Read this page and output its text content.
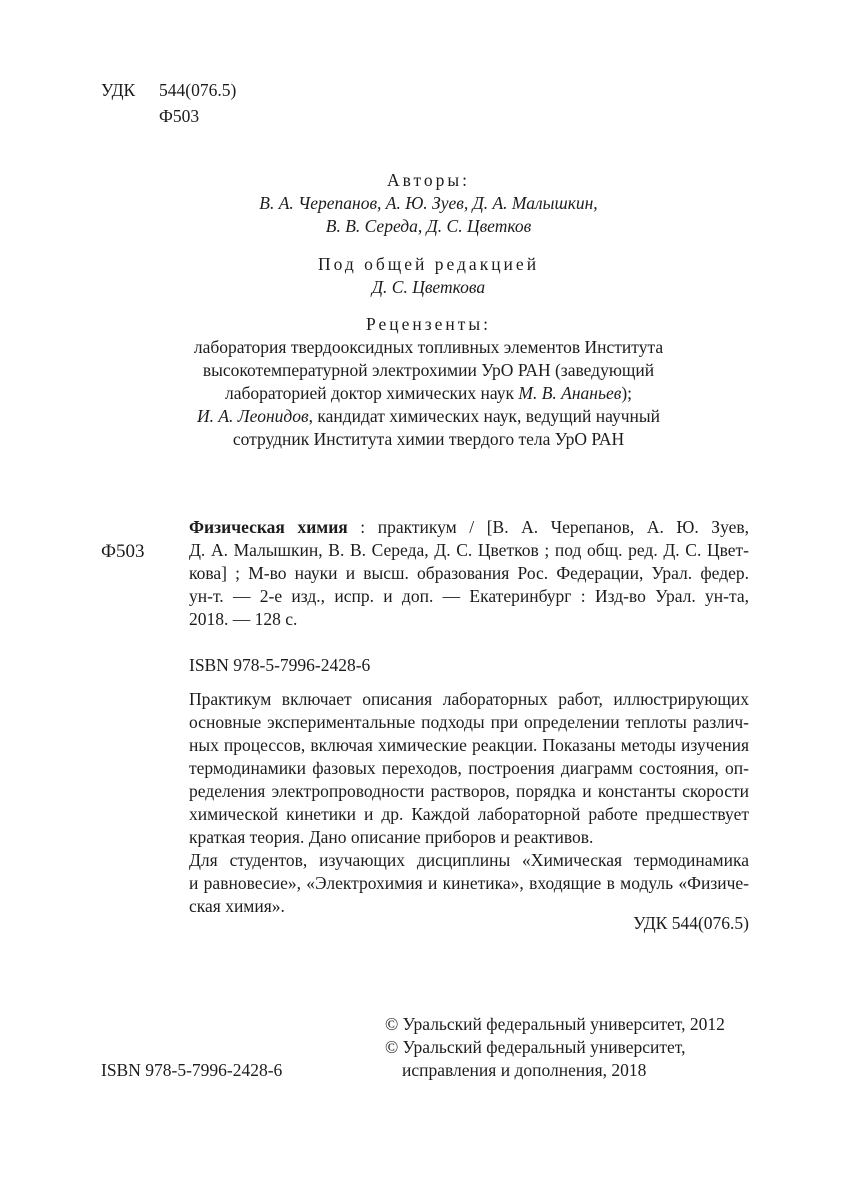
УДК 544(076.5)
Ф503
Авторы:
В. А. Черепанов, А. Ю. Зуев, Д. А. Малышкин,
В. В. Середа, Д. С. Цветков
Под общей редакцией
Д. С. Цветкова
Рецензенты:
лаборатория твердооксидных топливных элементов Института
высокотемпературной электрохимии УрО РАН (заведующий
лабораторией доктор химических наук М. В. Ананьев);
И. А. Леонидов, кандидат химических наук, ведущий научный
сотрудник Института химии твердого тела УрО РАН
Ф503
Физическая химия : практикум / [В. А. Черепанов, А. Ю. Зуев,
Д. А. Малышкин, В. В. Середа, Д. С. Цветков ; под общ. ред. Д. С. Цвет-
кова] ; М-во науки и высш. образования Рос. Федерации, Урал. федер.
ун-т. — 2-е изд., испр. и доп. — Екатеринбург : Изд-во Урал. ун-та,
2018. — 128 с.
ISBN 978-5-7996-2428-6
Практикум включает описания лабораторных работ, иллюстрирующих
основные экспериментальные подходы при определении теплоты различ-
ных процессов, включая химические реакции. Показаны методы изучения
термодинамики фазовых переходов, построения диаграмм состояния, оп-
ределения электропроводности растворов, порядка и константы скорости
химической кинетики и др. Каждой лабораторной работе предшествует
краткая теория. Дано описание приборов и реактивов.
Для студентов, изучающих дисциплины «Химическая термодинамика
и равновесие», «Электрохимия и кинетика», входящие в модуль «Физиче-
ская химия».
УДК 544(076.5)
© Уральский федеральный университет, 2012
© Уральский федеральный университет,
исправления и дополнения, 2018
ISBN 978-5-7996-2428-6
